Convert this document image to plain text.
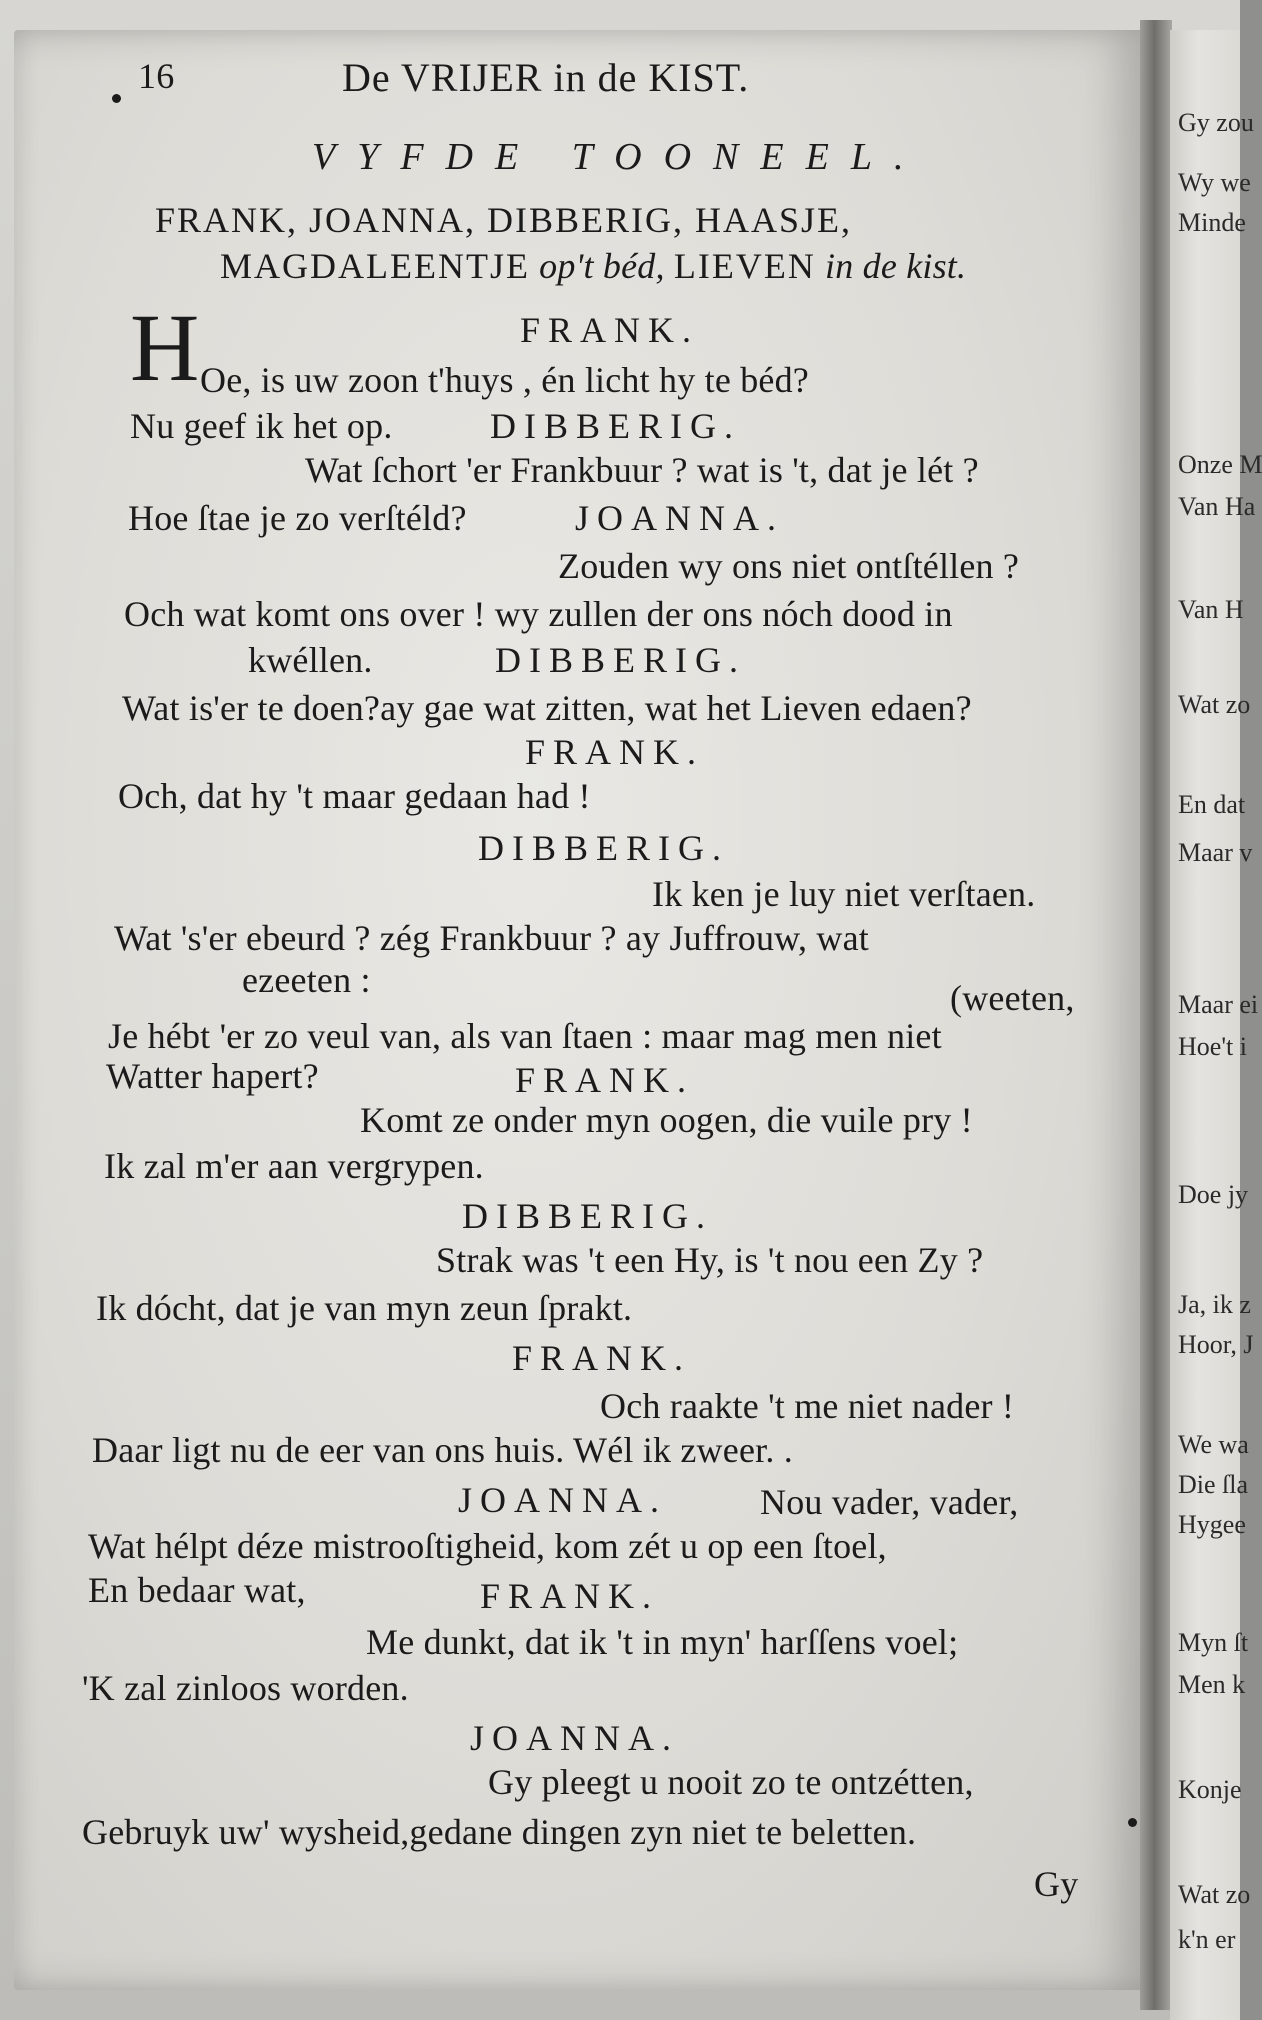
Gy zou
Wy we
Minde
Onze M
Van Ha
Van H
Wat zo
En dat
Maar v
Maar ei
Hoe't i
Doe jy
Ja, ik z
Hoor, J
We wa
Die ſla
Hygee
Myn ſt
Men k
Konje
Wat zo
k'n er
16	De VRIJER in de KIST.
VYFDE TOONEEL.
FRANK, JOANNA, DIBBERIG, HAASJE,
MAGDALEENTJE op't béd, LIEVEN in de kist.
FRANK.
H Oe, is uw zoon t'huys , én licht hy te béd?
Nu geef ik het op.	DIBBERIG.
Wat ſchort 'er Frankbuur ? wat is 't, dat je lét ?
Hoe ſtae je zo verſtéld?	JOANNA.
Zouden wy ons niet ontſtéllen ?
Och wat komt ons over ! wy zullen der ons nóch dood in
kwéllen.	DIBBERIG.
Wat is'er te doen?ay gae wat zitten, wat het Lieven edaen?
FRANK.
Och, dat hy 't maar gedaan had !
DIBBERIG.
Ik ken je luy niet verſtaen.
Wat 's'er ebeurd ? zég Frankbuur ? ay Juffrouw, wat
ezeeten :	(weeten,
Je hébt 'er zo veul van, als van ſtaen : maar mag men niet
Watter hapert?	FRANK.
Komt ze onder myn oogen, die vuile pry !
Ik zal m'er aan vergrypen.
DIBBERIG.
Strak was 't een Hy, is 't nou een Zy ?
Ik dócht, dat je van myn zeun ſprakt.
FRANK.
Och raakte 't me niet nader !
Daar ligt nu de eer van ons huis. Wél ik zweer. .
JOANNA.	Nou vader, vader,
Wat hélpt déze mistrooſtigheid, kom zét u op een ſtoel,
En bedaar wat,	FRANK.
Me dunkt, dat ik 't in myn' harſſens voel;
'K zal zinloos worden.
JOANNA.
Gy pleegt u nooit zo te ontzétten,
Gebruyk uw' wysheid,gedane dingen zyn niet te beletten.
Gy
